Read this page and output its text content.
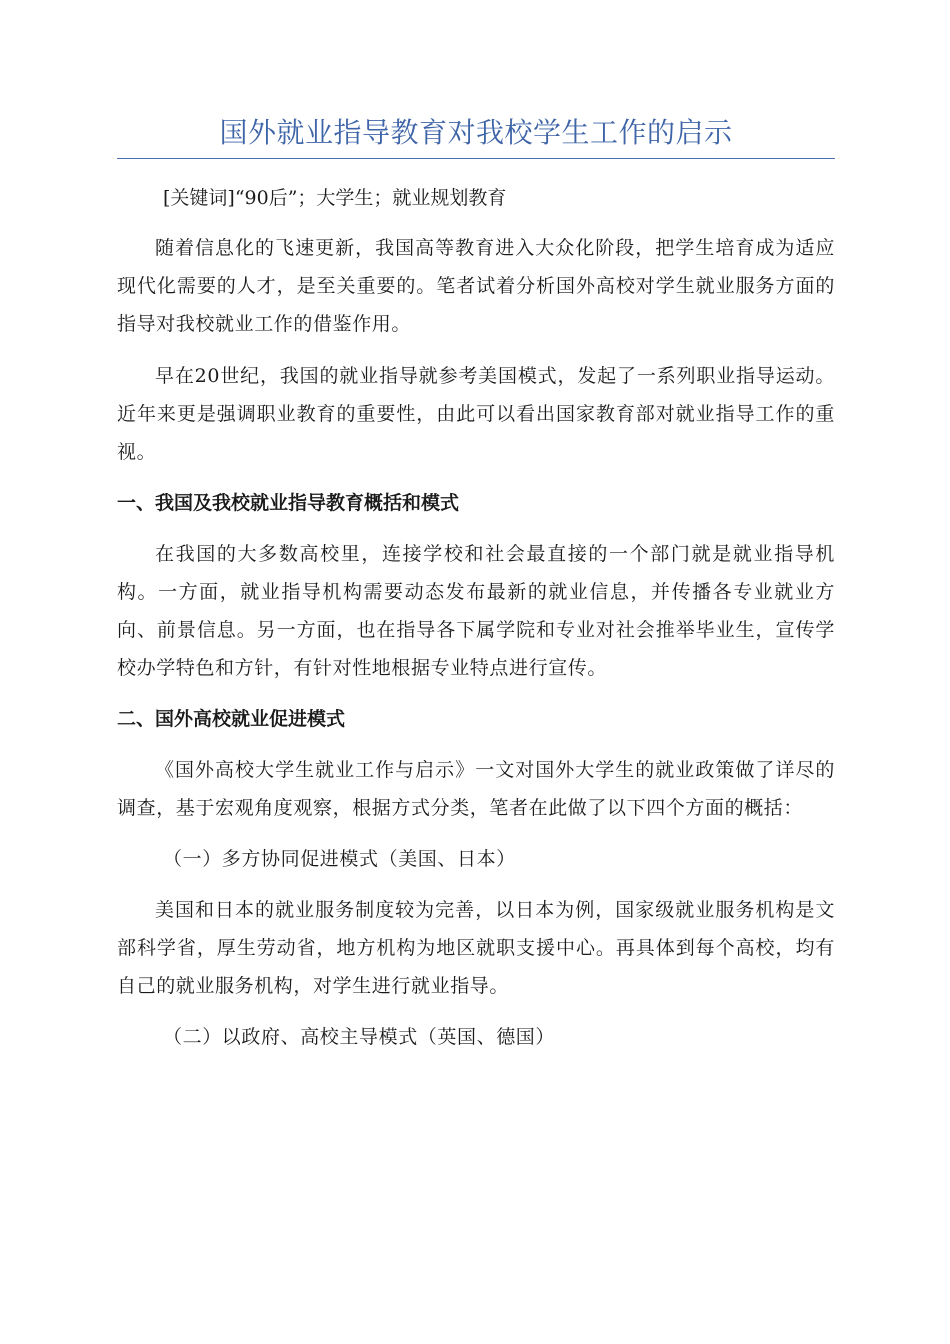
国外就业指导教育对我校学生工作的启示

[关键词]“90后”；大学生；就业规划教育

随着信息化的飞速更新，我国高等教育进入大众化阶段，把学生培育成为适应现代化需要的人才，是至关重要的。笔者试着分析国外高校对学生就业服务方面的指导对我校就业工作的借鉴作用。

早在20世纪，我国的就业指导就参考美国模式，发起了一系列职业指导运动。近年来更是强调职业教育的重要性，由此可以看出国家教育部对就业指导工作的重视。

一、我国及我校就业指导教育概括和模式

在我国的大多数高校里，连接学校和社会最直接的一个部门就是就业指导机构。一方面，就业指导机构需要动态发布最新的就业信息，并传播各专业就业方向、前景信息。另一方面，也在指导各下属学院和专业对社会推举毕业生，宣传学校办学特色和方针，有针对性地根据专业特点进行宣传。

二、国外高校就业促进模式

《国外高校大学生就业工作与启示》一文对国外大学生的就业政策做了详尽的调查，基于宏观角度观察，根据方式分类，笔者在此做了以下四个方面的概括：

（一）多方协同促进模式（美国、日本）

美国和日本的就业服务制度较为完善，以日本为例，国家级就业服务机构是文部科学省，厚生劳动省，地方机构为地区就职支援中心。再具体到每个高校，均有自己的就业服务机构，对学生进行就业指导。

（二）以政府、高校主导模式（英国、德国）
